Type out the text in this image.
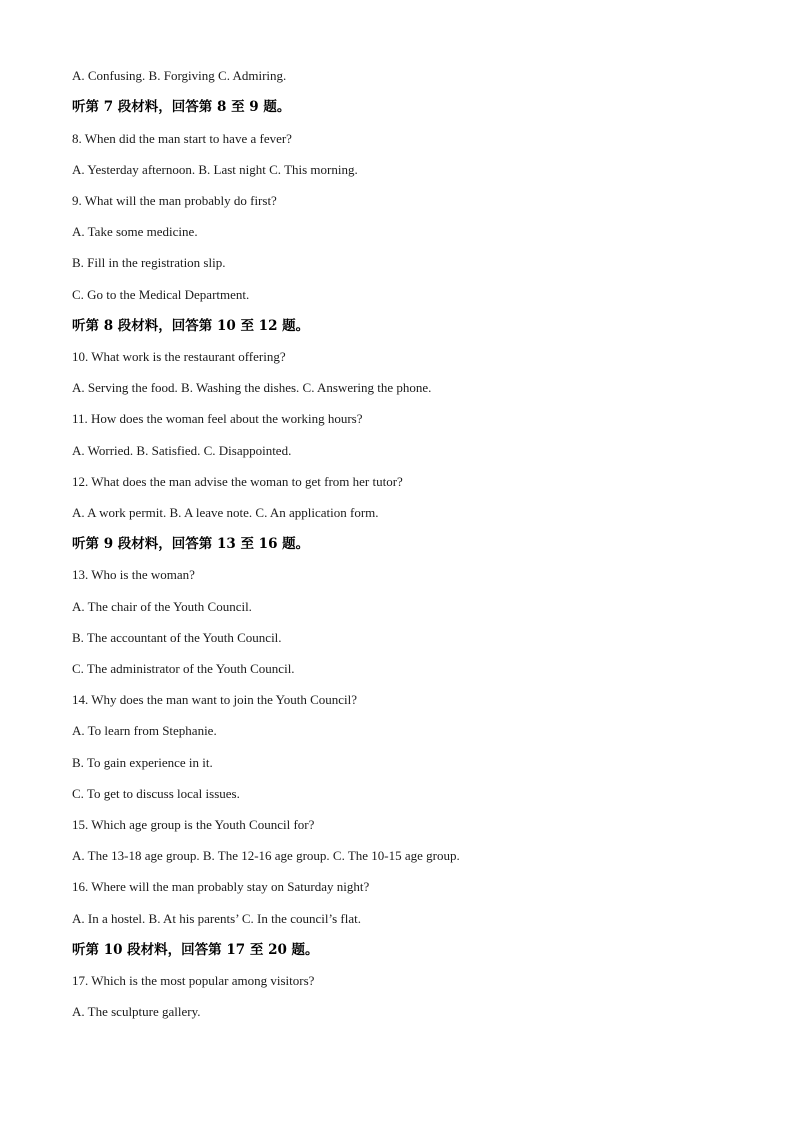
A. Confusing. B. Forgiving C. Admiring.
听第 7 段材料，回答第 8 至 9 题。
8. When did the man start to have a fever?
A. Yesterday afternoon. B. Last night C. This morning.
9. What will the man probably do first?
A. Take some medicine.
B. Fill in the registration slip.
C. Go to the Medical Department.
听第 8 段材料，回答第 10 至 12 题。
10. What work is the restaurant offering?
A. Serving the food. B. Washing the dishes. C. Answering the phone.
11. How does the woman feel about the working hours?
A. Worried. B. Satisfied. C. Disappointed.
12. What does the man advise the woman to get from her tutor?
A. A work permit. B. A leave note. C. An application form.
听第 9 段材料，回答第 13 至 16 题。
13. Who is the woman?
A. The chair of the Youth Council.
B. The accountant of the Youth Council.
C. The administrator of the Youth Council.
14. Why does the man want to join the Youth Council?
A. To learn from Stephanie.
B. To gain experience in it.
C. To get to discuss local issues.
15. Which age group is the Youth Council for?
A. The 13-18 age group. B. The 12-16 age group. C. The 10-15 age group.
16. Where will the man probably stay on Saturday night?
A. In a hostel. B. At his parents’ C. In the council’s flat.
听第 10 段材料，回答第 17 至 20 题。
17. Which is the most popular among visitors?
A. The sculpture gallery.
